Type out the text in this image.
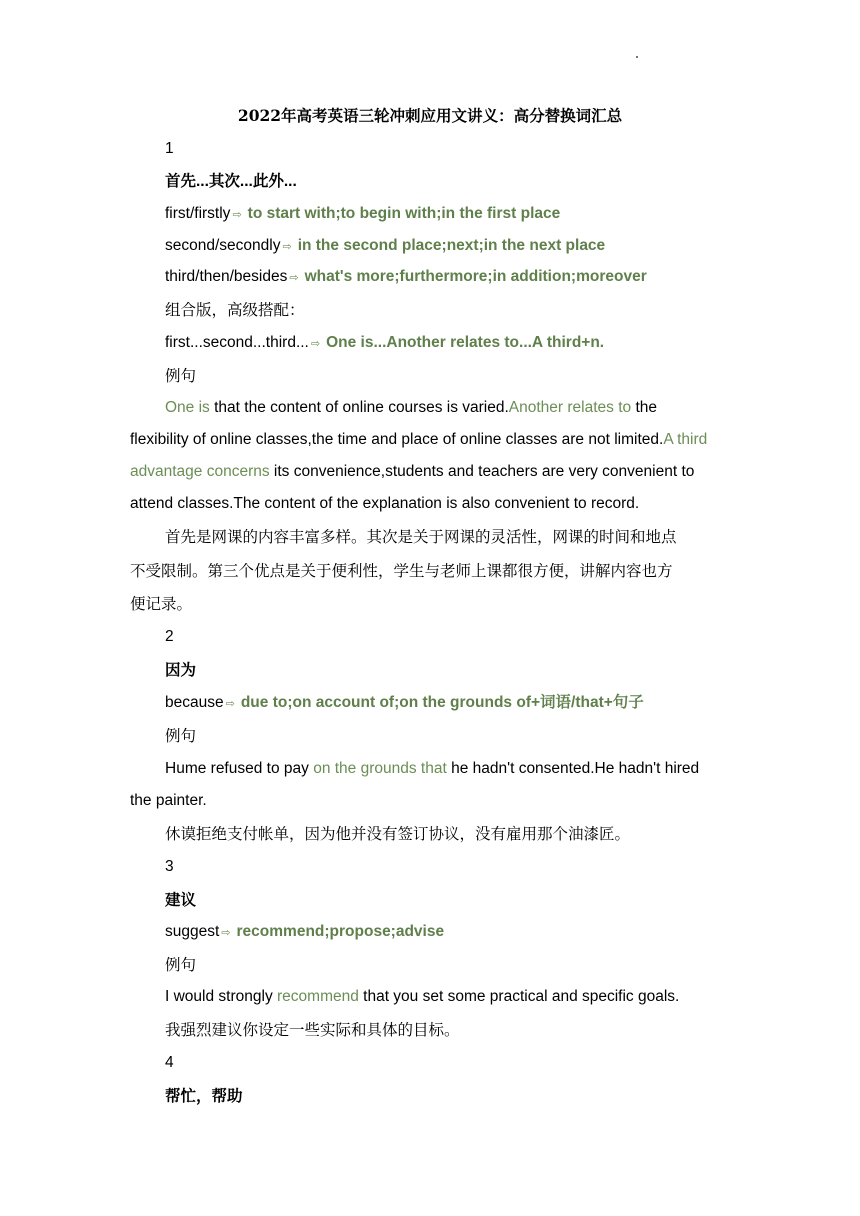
2022年高考英语三轮冲刺应用文讲义：高分替换词汇总
1
首先...其次...此外...
first/firstly ⇨ to start with;to begin with;in the first place
second/secondly ⇨ in the second place;next;in the next place
third/then/besides ⇨ what's more;furthermore;in addition;moreover
组合版，高级搭配：
first...second...third... ⇨ One is...Another relates to...A third+n.
例句
One is that the content of online courses is varied.Another relates to the
flexibility of online classes,the time and place of online classes are not limited.A third
advantage concerns its convenience,students and teachers are very convenient to
attend classes.The content of the explanation is also convenient to record.
首先是网课的内容丰富多样。其次是关于网课的灵活性，网课的时间和地点
不受限制。第三个优点是关于便利性，学生与老师上课都很方便，讲解内容也方
便记录。
2
因为
because ⇨ due to;on account of;on the grounds of+词语/that+句子
例句
Hume refused to pay on the grounds that he hadn't consented.He hadn't hired
the painter.
休谟拒绝支付帐单，因为他并没有签订协议，没有雇用那个油漆匠。
3
建议
suggest ⇨ recommend;propose;advise
例句
I would strongly recommend that you set some practical and specific goals.
我强烈建议你设定一些实际和具体的目标。
4
帮忙，帮助
